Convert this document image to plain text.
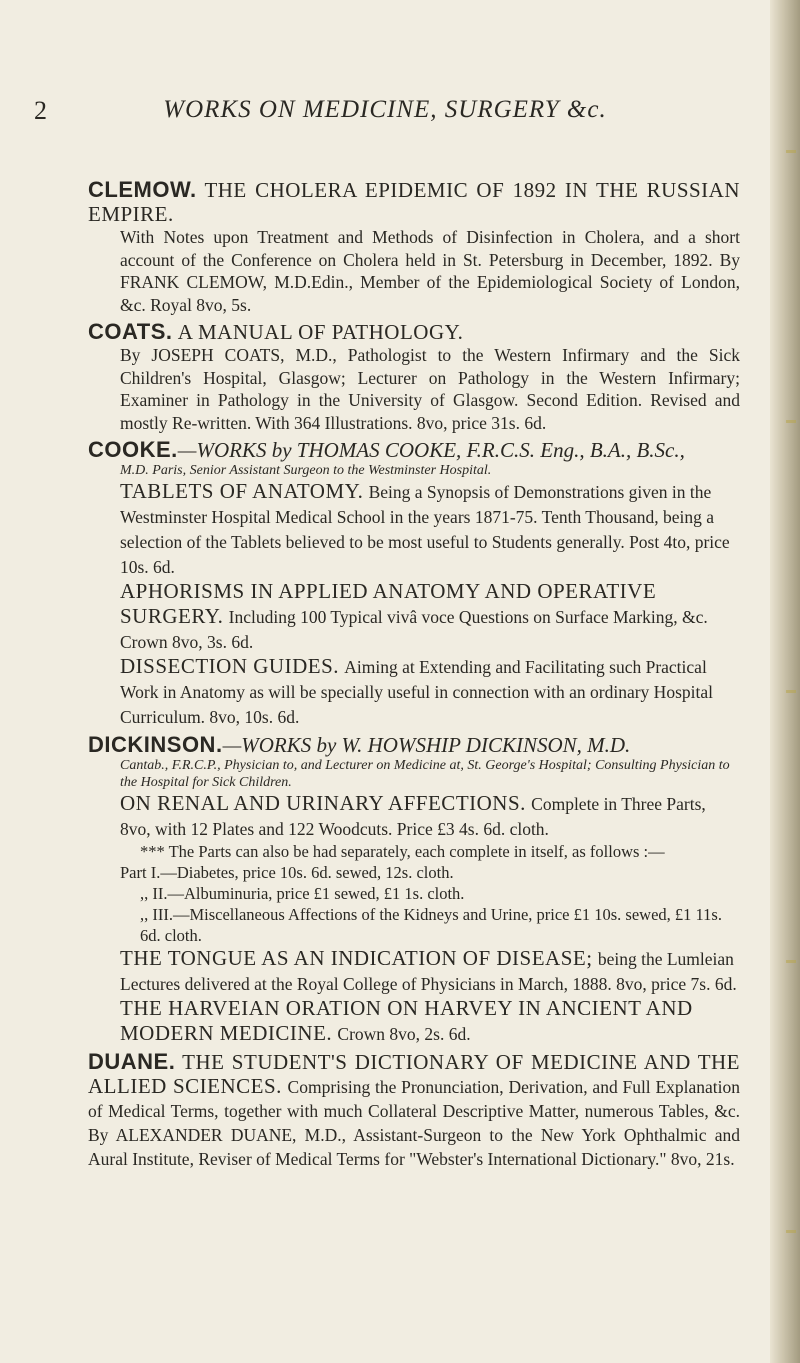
2	WORKS ON MEDICINE, SURGERY &c.
CLEMOW. THE CHOLERA EPIDEMIC OF 1892 IN THE RUSSIAN EMPIRE.
With Notes upon Treatment and Methods of Disinfection in Cholera, and a short account of the Conference on Cholera held in St. Petersburg in December, 1892. By FRANK CLEMOW, M.D.Edin., Member of the Epidemiological Society of London, &c. Royal 8vo, 5s.
COATS. A MANUAL OF PATHOLOGY.
By JOSEPH COATS, M.D., Pathologist to the Western Infirmary and the Sick Children's Hospital, Glasgow; Lecturer on Pathology in the Western Infirmary; Examiner in Pathology in the University of Glasgow. Second Edition. Revised and mostly Re-written. With 364 Illustrations. 8vo, price 31s. 6d.
COOKE.—WORKS by THOMAS COOKE, F.R.C.S. Eng., B.A., B.Sc.,
M.D. Paris, Senior Assistant Surgeon to the Westminster Hospital.
TABLETS OF ANATOMY. Being a Synopsis of Demonstrations given in the Westminster Hospital Medical School in the years 1871-75. Tenth Thousand, being a selection of the Tablets believed to be most useful to Students generally. Post 4to, price 10s. 6d.
APHORISMS IN APPLIED ANATOMY AND OPERATIVE SURGERY. Including 100 Typical vivâ voce Questions on Surface Marking, &c. Crown 8vo, 3s. 6d.
DISSECTION GUIDES. Aiming at Extending and Facilitating such Practical Work in Anatomy as will be specially useful in connection with an ordinary Hospital Curriculum. 8vo, 10s. 6d.
DICKINSON.—WORKS by W. HOWSHIP DICKINSON, M.D.
Cantab., F.R.C.P., Physician to, and Lecturer on Medicine at, St. George's Hospital; Consulting Physician to the Hospital for Sick Children.
ON RENAL AND URINARY AFFECTIONS. Complete in Three Parts, 8vo, with 12 Plates and 122 Woodcuts. Price £3 4s. 6d. cloth.
*** The Parts can also be had separately, each complete in itself, as follows :—
Part I.—Diabetes, price 10s. 6d. sewed, 12s. cloth.
,, II.—Albuminuria, price £1 sewed, £1 1s. cloth.
,, III.—Miscellaneous Affections of the Kidneys and Urine, price £1 10s. sewed, £1 11s. 6d. cloth.
THE TONGUE AS AN INDICATION OF DISEASE; being the Lumleian Lectures delivered at the Royal College of Physicians in March, 1888. 8vo, price 7s. 6d.
THE HARVEIAN ORATION ON HARVEY IN ANCIENT AND MODERN MEDICINE. Crown 8vo, 2s. 6d.
DUANE. THE STUDENT'S DICTIONARY OF MEDICINE AND THE ALLIED SCIENCES. Comprising the Pronunciation, Derivation, and Full Explanation of Medical Terms, together with much Collateral Descriptive Matter, numerous Tables, &c. By ALEXANDER DUANE, M.D., Assistant-Surgeon to the New York Ophthalmic and Aural Institute, Reviser of Medical Terms for "Webster's International Dictionary." 8vo, 21s.
